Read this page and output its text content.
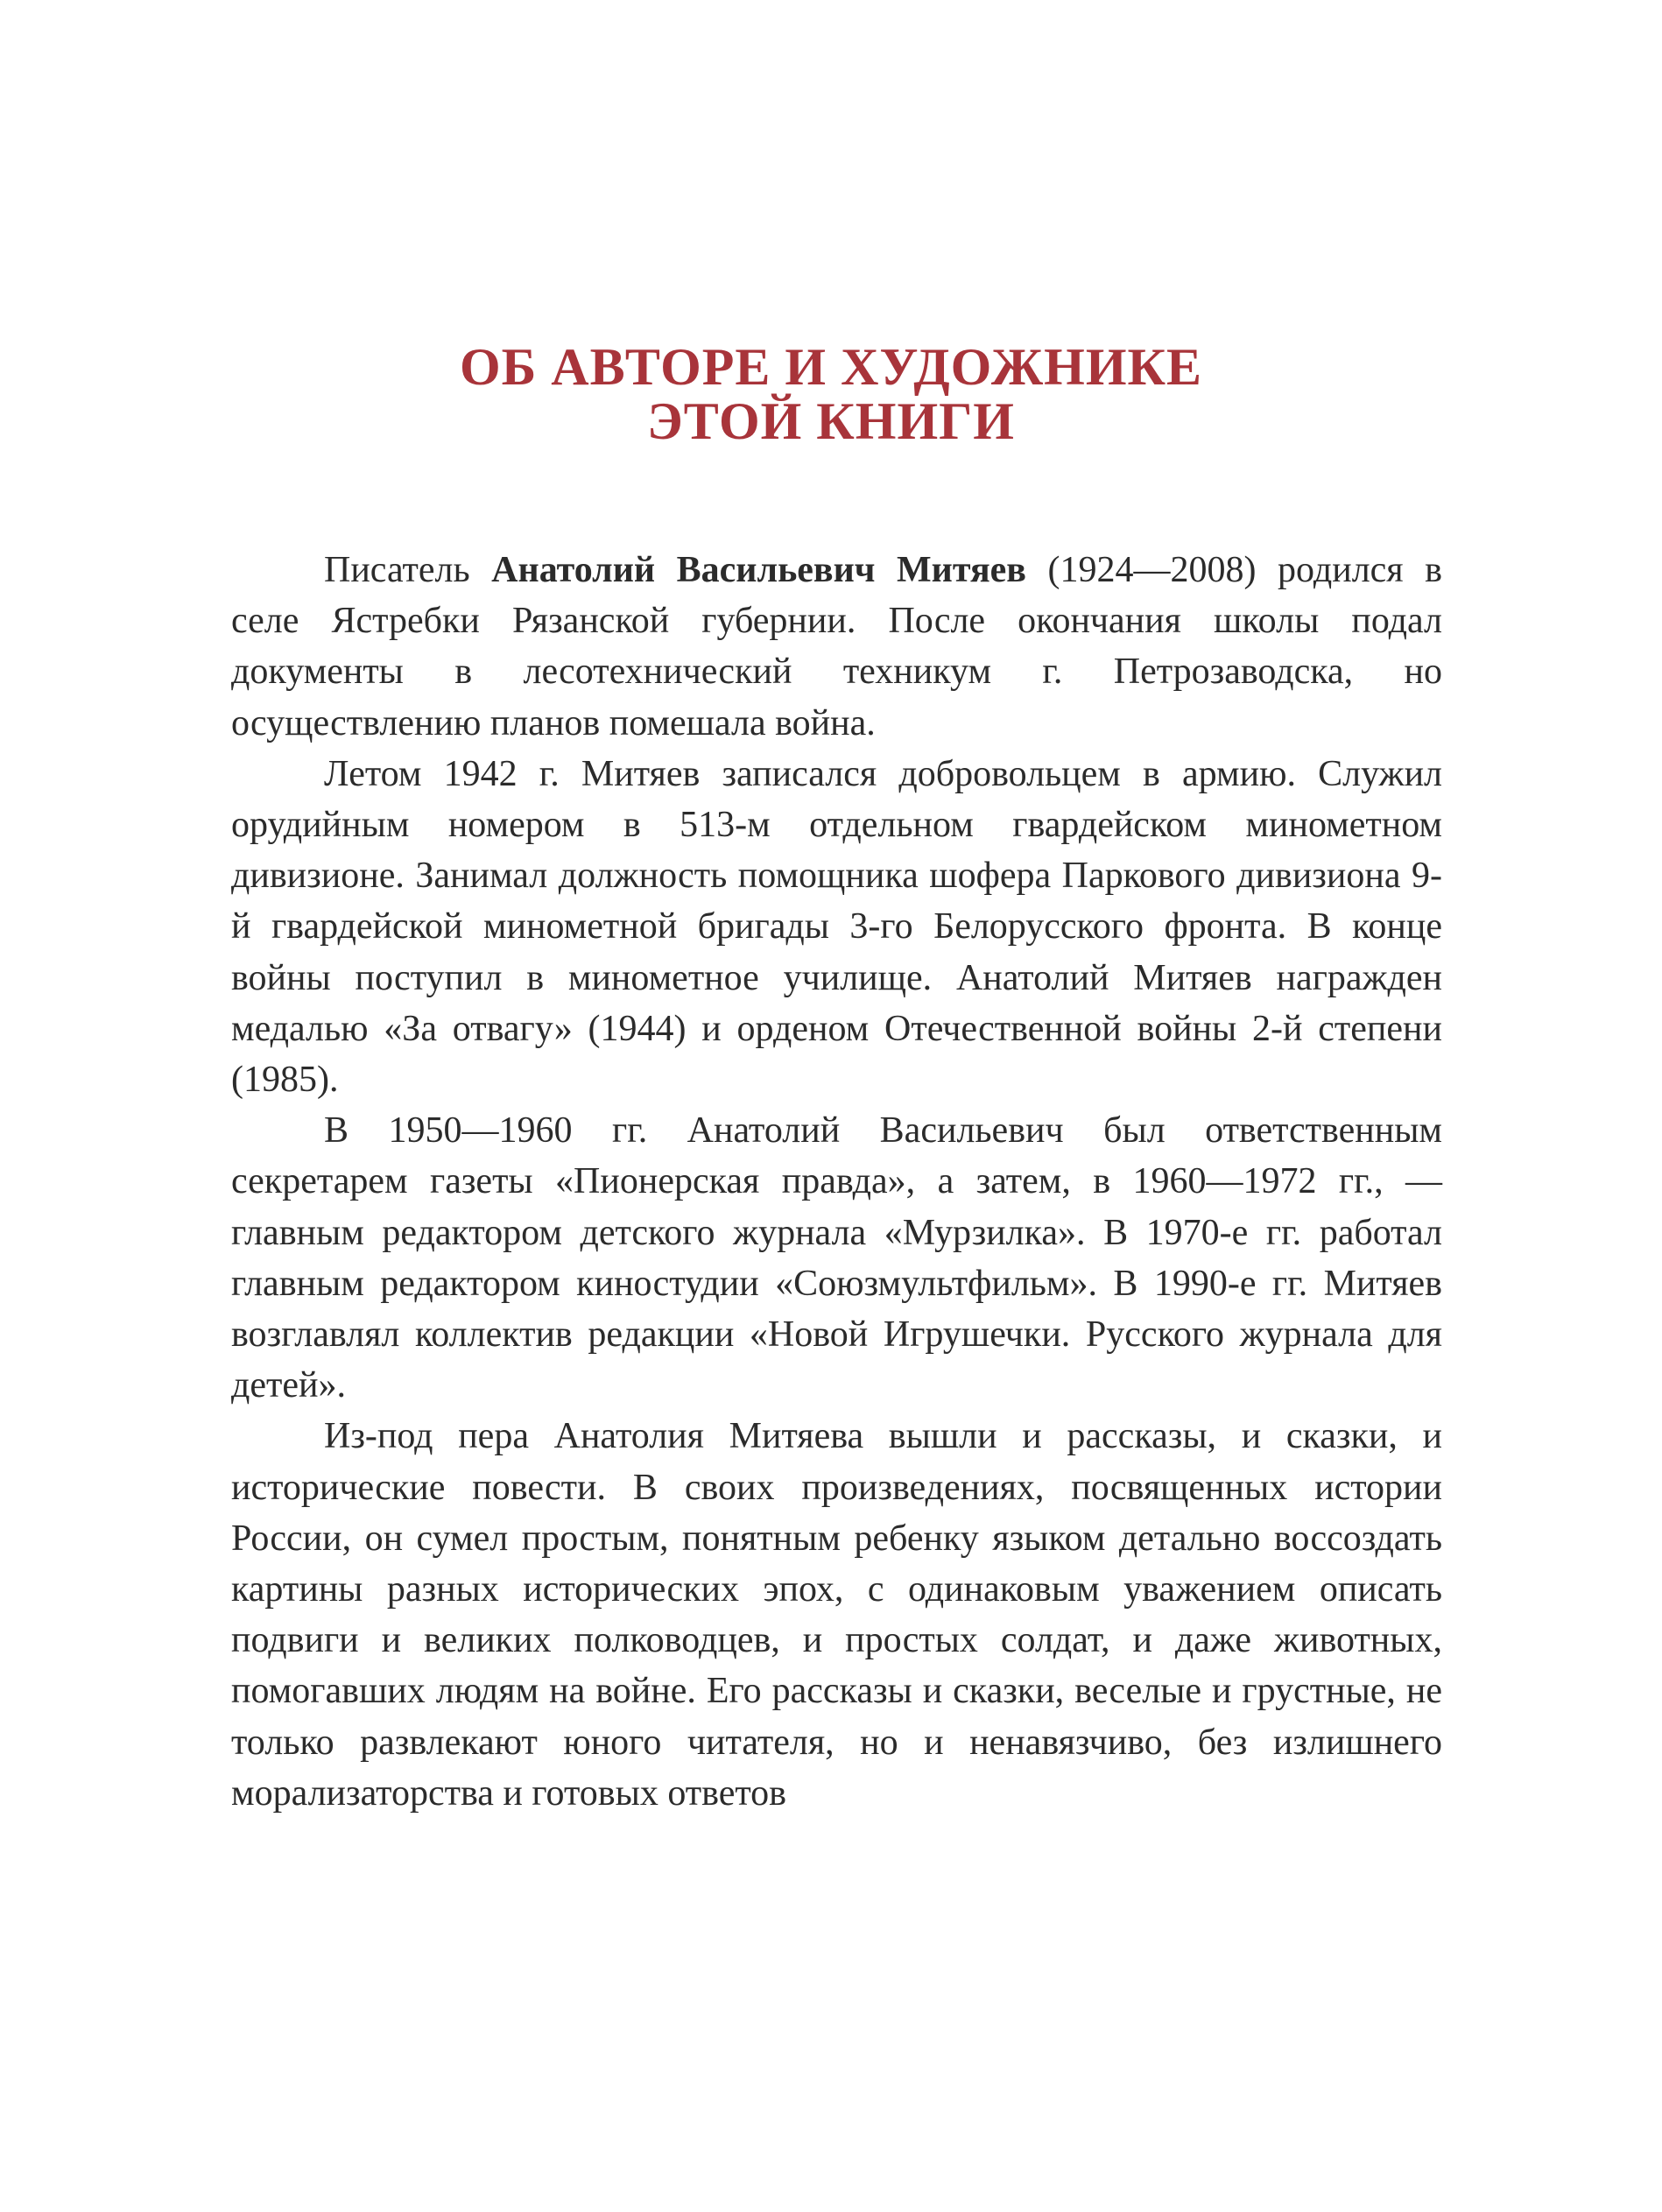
ОБ АВТОРЕ И ХУДОЖНИКЕ
ЭТОЙ КНИГИ

Писатель Анатолий Васильевич Митяев (1924—2008) родился в селе Ястребки Рязанской губернии. После окончания школы подал документы в лесотехнический техникум г. Петрозаводска, но осуществлению планов помешала война.

Летом 1942 г. Митяев записался добровольцем в армию. Служил орудийным номером в 513-м отдельном гвардейском минометном дивизионе. Занимал должность помощника шофера Паркового дивизиона 9-й гвардейской минометной бригады 3-го Белорусского фронта. В конце войны поступил в минометное училище. Анатолий Митяев награжден медалью «За отвагу» (1944) и орденом Отечественной войны 2-й степени (1985).

В 1950—1960 гг. Анатолий Васильевич был ответственным секретарем газеты «Пионерская правда», а затем, в 1960—1972 гг., — главным редактором детского журнала «Мурзилка». В 1970-е гг. работал главным редактором киностудии «Союзмультфильм». В 1990-е гг. Митяев возглавлял коллектив редакции «Новой Игрушечки. Русского журнала для детей».

Из-под пера Анатолия Митяева вышли и рассказы, и сказки, и исторические повести. В своих произведениях, посвященных истории России, он сумел простым, понятным ребенку языком детально воссоздать картины разных исторических эпох, с одинаковым уважением описать подвиги и великих полководцев, и простых солдат, и даже животных, помогавших людям на войне. Его рассказы и сказки, веселые и грустные, не только развлекают юного читателя, но и ненавязчиво, без излишнего морализаторства и готовых ответов
